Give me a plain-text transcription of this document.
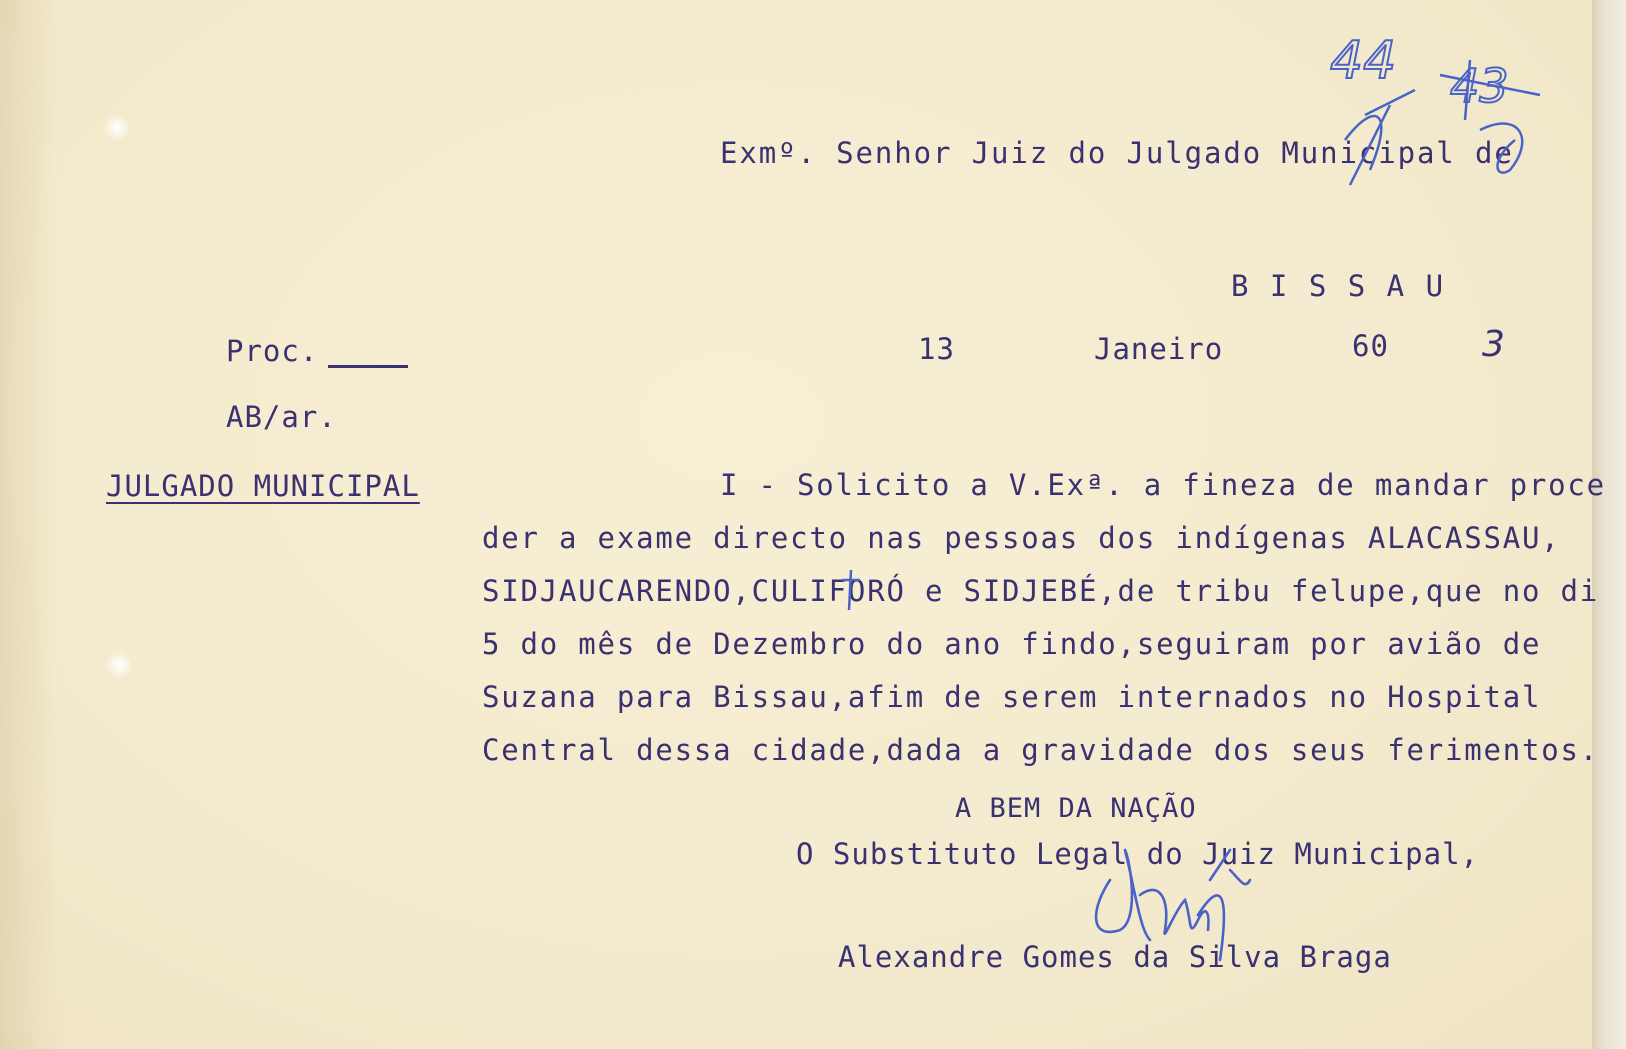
Exmº. Senhor Juiz do Julgado Municipal de
B I S S A U
Proc.	13	Janeiro	60
AB/ar.
JULGADO MUNICIPAL	I - Solicito a V.Exª. a fineza de mandar proce
der a exame directo nas pessoas dos indígenas ALACASSAU,
SIDJAUCARENDO,CULIFORÓ e SIDJEBÉ,de tribu felupe,que no di
5 do mês de Dezembro do ano findo,seguiram por avião de
Suzana para Bissau,afim de serem internados no Hospital
Central dessa cidade,dada a gravidade dos seus ferimentos.
A BEM DA NAÇÃO
O Substituto Legal do Juiz Municipal,
Alexandre Gomes da Silva Braga
44 43
3
